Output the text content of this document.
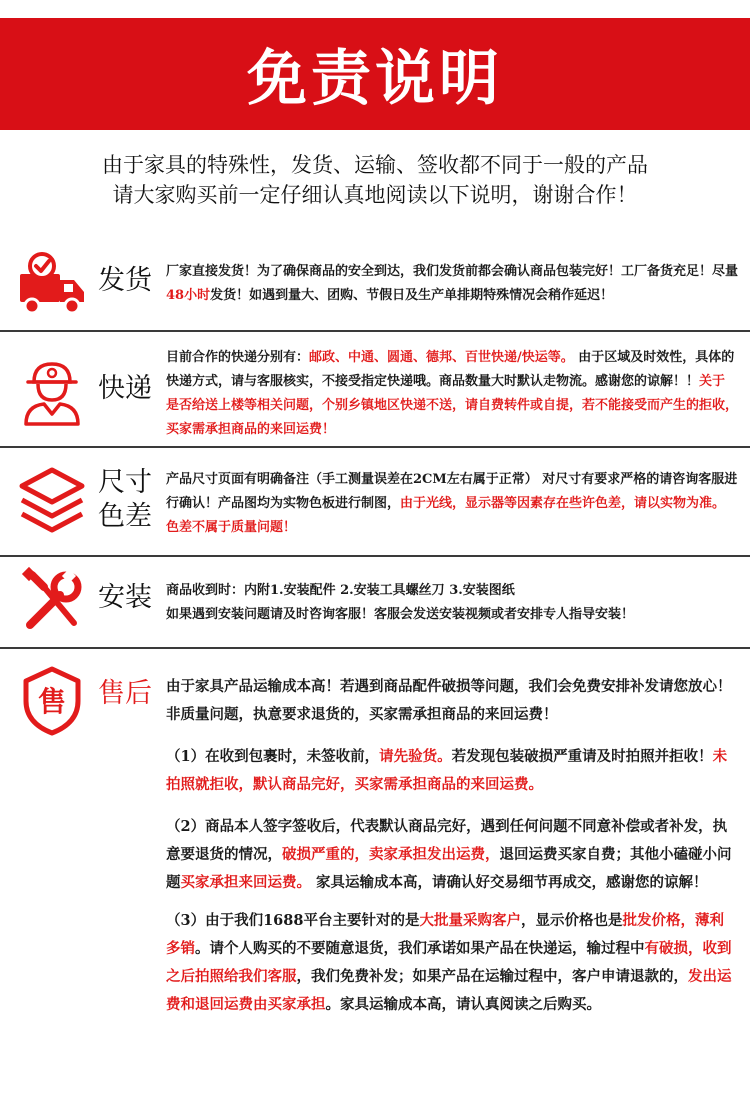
免责说明
由于家具的特殊性，发货、运输、签收都不同于一般的产品
请大家购买前一定仔细认真地阅读以下说明，谢谢合作！
发货 厂家直接发货！为了确保商品的安全到达，我们发货前都会确认商品包装完好！工厂备货充足！尽量48小时发货！如遇到量大、团购、节假日及生产单排期特殊情况会稍作延迟！
快递
目前合作的快递分别有：邮政、中通、圆通、德邦、百世快递/快运等。 由于区域及时效性，具体的快递方式，请与客服核实，不接受指定快递哦。商品数量大时默认走物流。感谢您的谅解！！关于是否给送上楼等相关问题，个别乡镇地区快递不送，请自费转件或自提，若不能接受而产生的拒收，买家需承担商品的来回运费！
尺寸
色差
产品尺寸页面有明确备注（手工测量误差在2CM左右属于正常） 对尺寸有要求严格的请咨询客服进行确认！产品图均为实物色板进行制图，由于光线，显示器等因素存在些许色差，请以实物为准。色差不属于质量问题！
安装 商品收到时：内附1.安装配件 2.安装工具螺丝刀 3.安装图纸
如果遇到安装问题请及时咨询客服！客服会发送安装视频或者安排专人指导安装！
售 售后 由于家具产品运输成本高！若遇到商品配件破损等问题，我们会免费安排补发请您放心！非质量问题，执意要求退货的，买家需承担商品的来回运费！

（1）在收到包裹时，未签收前，请先验货。若发现包装破损严重请及时拍照并拒收！未拍照就拒收，默认商品完好，买家需承担商品的来回运费。

（2）商品本人签字签收后，代表默认商品完好，遇到任何问题不同意补偿或者补发，执意要退货的情况，破损严重的，卖家承担发出运费，退回运费买家自费；其他小磕碰小问题买家承担来回运费。 家具运输成本高，请确认好交易细节再成交，感谢您的谅解！

（3）由于我们1688平台主要针对的是大批量采购客户，显示价格也是批发价格，薄利多销。请个人购买的不要随意退货，我们承诺如果产品在快递运，输过程中有破损，收到之后拍照给我们客服，我们免费补发；如果产品在运输过程中，客户申请退款的，发出运费和退回运费由买家承担。家具运输成本高，请认真阅读之后购买。
